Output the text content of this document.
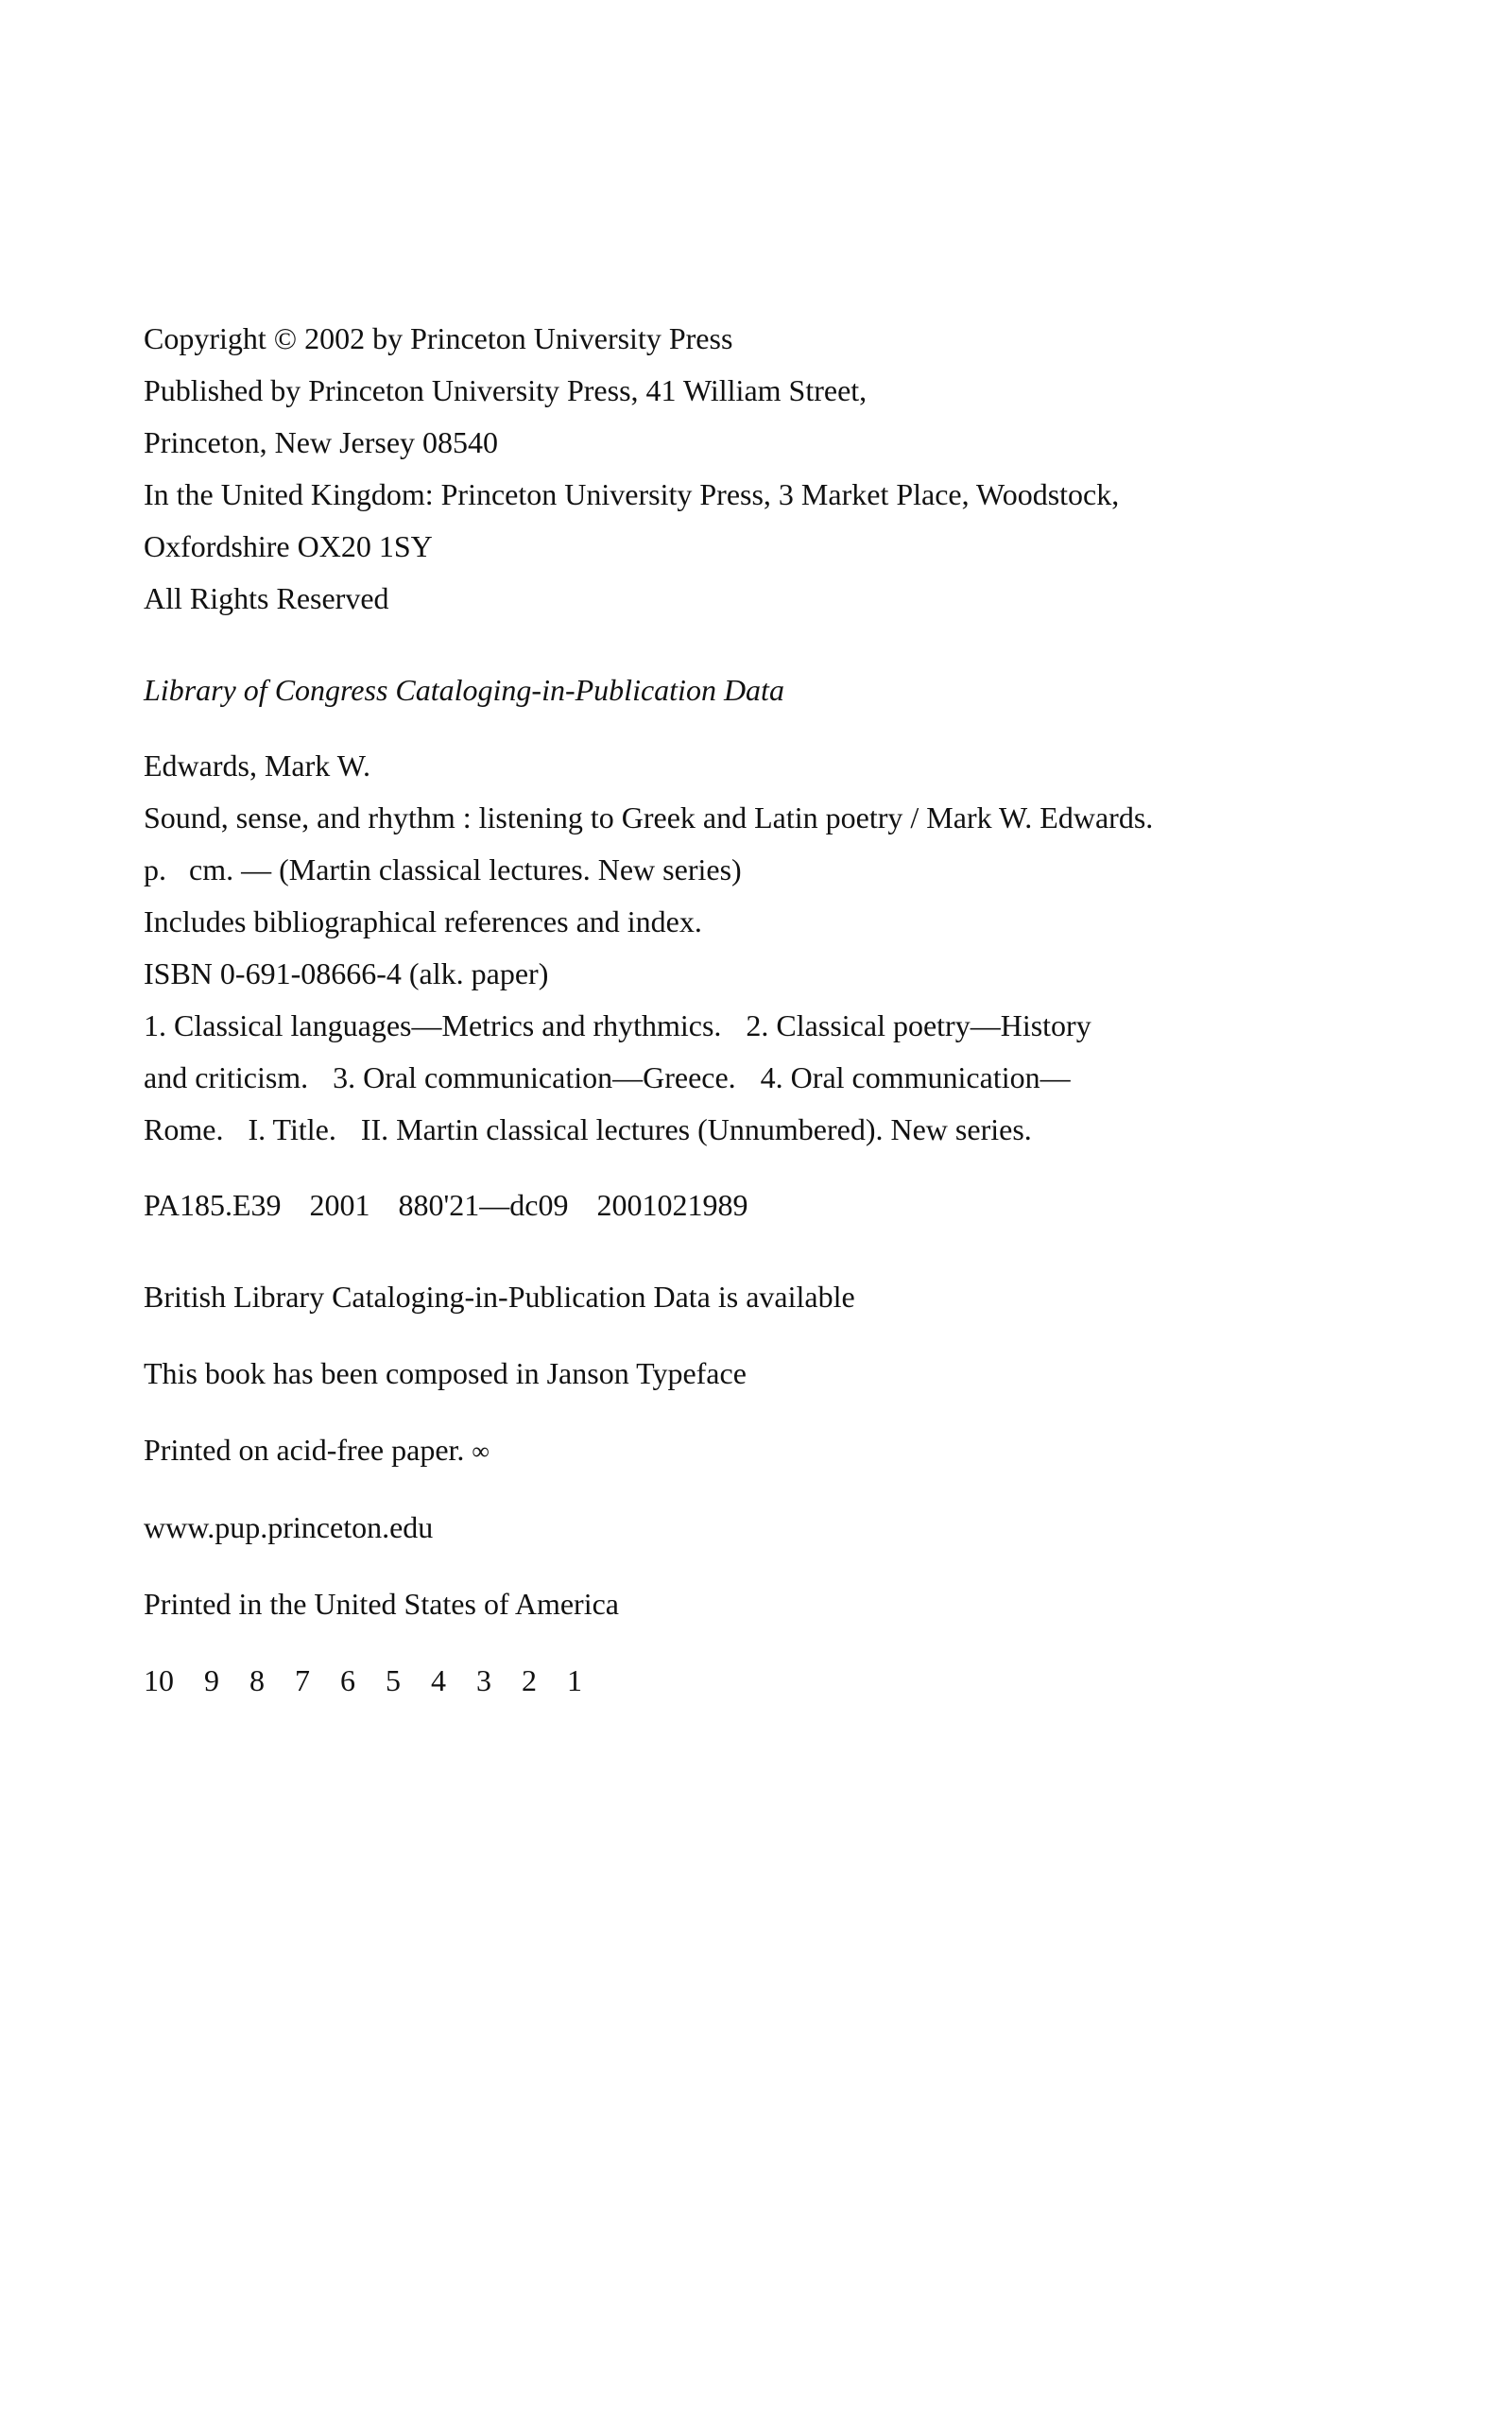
Copyright © 2002 by Princeton University Press
Published by Princeton University Press, 41 William Street,
Princeton, New Jersey 08540
In the United Kingdom: Princeton University Press, 3 Market Place, Woodstock,
Oxfordshire OX20 1SY
All Rights Reserved
Library of Congress Cataloging-in-Publication Data
Edwards, Mark W.
Sound, sense, and rhythm : listening to Greek and Latin poetry / Mark W. Edwards.
p.   cm. — (Martin classical lectures. New series)
Includes bibliographical references and index.
ISBN 0-691-08666-4 (alk. paper)
1. Classical languages—Metrics and rhythmics. 2. Classical poetry—History
and criticism. 3. Oral communication—Greece. 4. Oral communication—
Rome. I. Title. II. Martin classical lectures (Unnumbered). New series.
PA185.E39 2001 880'21—dc09 2001021989
British Library Cataloging-in-Publication Data is available
This book has been composed in Janson Typeface
Printed on acid-free paper. ∞
www.pup.princeton.edu
Printed in the United States of America
10 9 8 7 6 5 4 3 2 1
